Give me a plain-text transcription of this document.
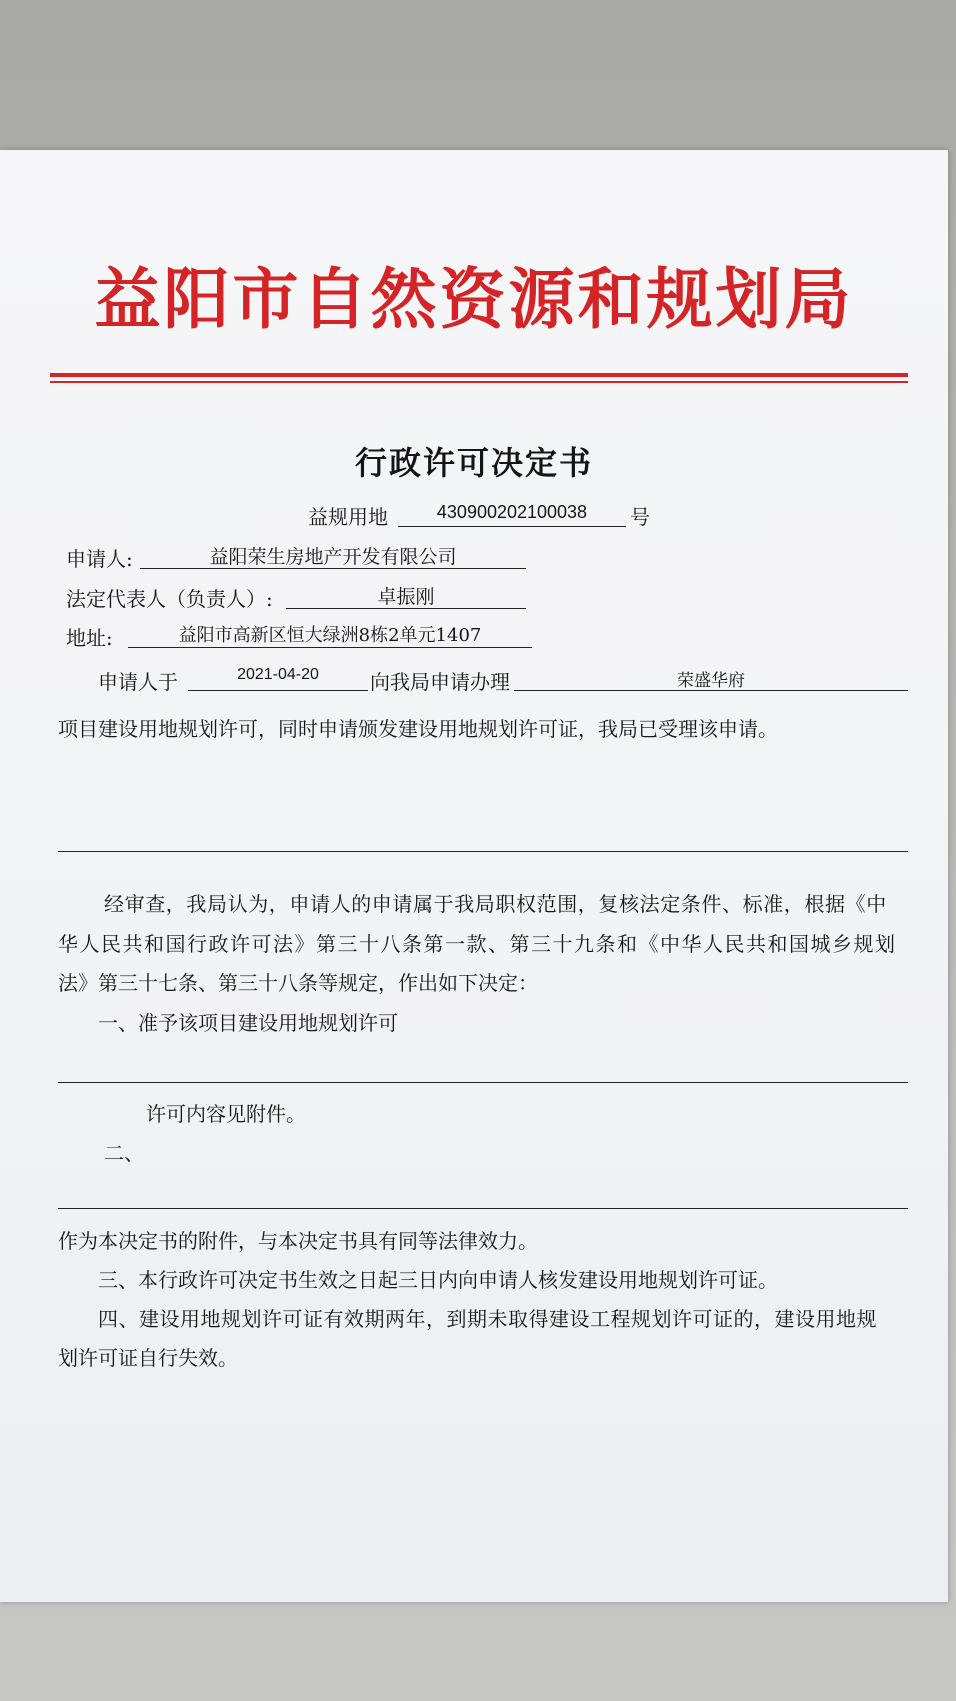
益阳市自然资源和规划局
行政许可决定书
益规用地	430900202100038	号
申请人:	益阳荣生房地产开发有限公司
法定代表人（负责人）:	卓振刚
地址:	益阳市高新区恒大绿洲8栋2单元1407
申请人于	2021-04-20	向我局申请办理	荣盛华府
项目建设用地规划许可，同时申请颁发建设用地规划许可证，我局已受理该申请。
经审查，我局认为，申请人的申请属于我局职权范围，复核法定条件、标准，根据《中
华人民共和国行政许可法》第三十八条第一款、第三十九条和《中华人民共和国城乡规划
法》第三十七条、第三十八条等规定，作出如下决定：
一、准予该项目建设用地规划许可
许可内容见附件。
二、
作为本决定书的附件，与本决定书具有同等法律效力。
三、本行政许可决定书生效之日起三日内向申请人核发建设用地规划许可证。
四、建设用地规划许可证有效期两年，到期未取得建设工程规划许可证的，建设用地规
划许可证自行失效。
